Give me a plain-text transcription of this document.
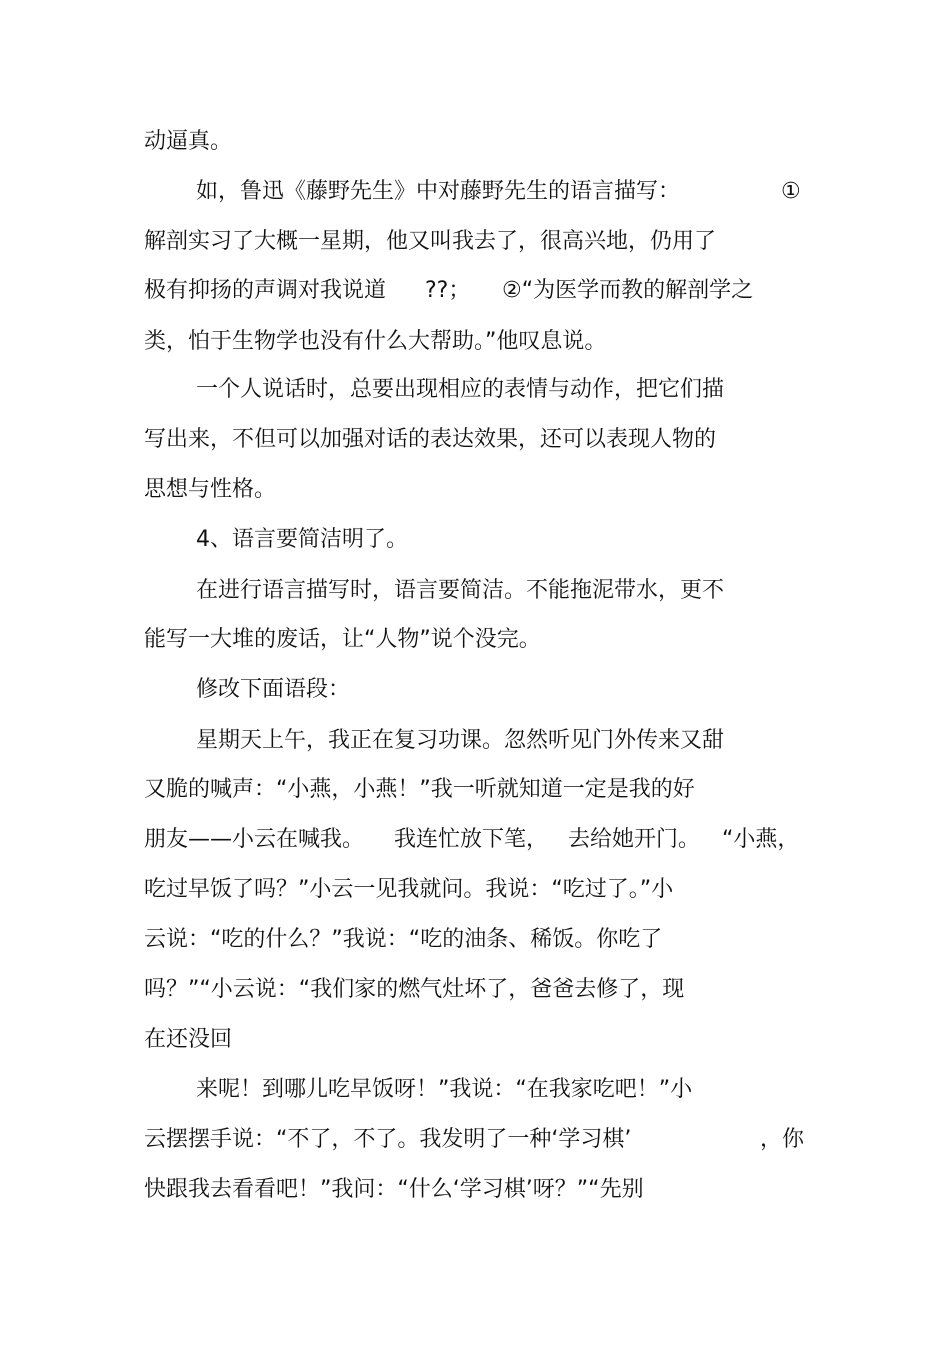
动逼真。
如，鲁迅《藤野先生》中对藤野先生的语言描写：	①
解剖实习了大概一星期，他又叫我去了，很高兴地，仍用了
极有抑扬的声调对我说道 ??； ②“为医学而教的解剖学之
类，怕于生物学也没有什么大帮助。”他叹息说。
一个人说话时，总要出现相应的表情与动作，把它们描
写出来，不但可以加强对话的表达效果，还可以表现人物的
思想与性格。
4、语言要简洁明了。
在进行语言描写时，语言要简洁。不能拖泥带水，更不
能写一大堆的废话，让“人物”说个没完。
修改下面语段：
星期天上午，我正在复习功课。忽然听见门外传来又甜
又脆的喊声：“小燕，小燕！”我一听就知道一定是我的好
朋友——小云在喊我。 我连忙放下笔， 去给她开门。 “小燕，
吃过早饭了吗？”小云一见我就问。我说：“吃过了。”小
云说：“吃的什么？”我说：“吃的油条、稀饭。你吃了
吗？”“小云说：“我们家的燃气灶坏了，爸爸去修了，现
在还没回
来呢！到哪儿吃早饭呀！”我说：“在我家吃吧！”小
云摆摆手说：“不了，不了。我发明了一种‘学习棋’	，你
快跟我去看看吧！”我问：“什么‘学习棋’呀？”“先别
